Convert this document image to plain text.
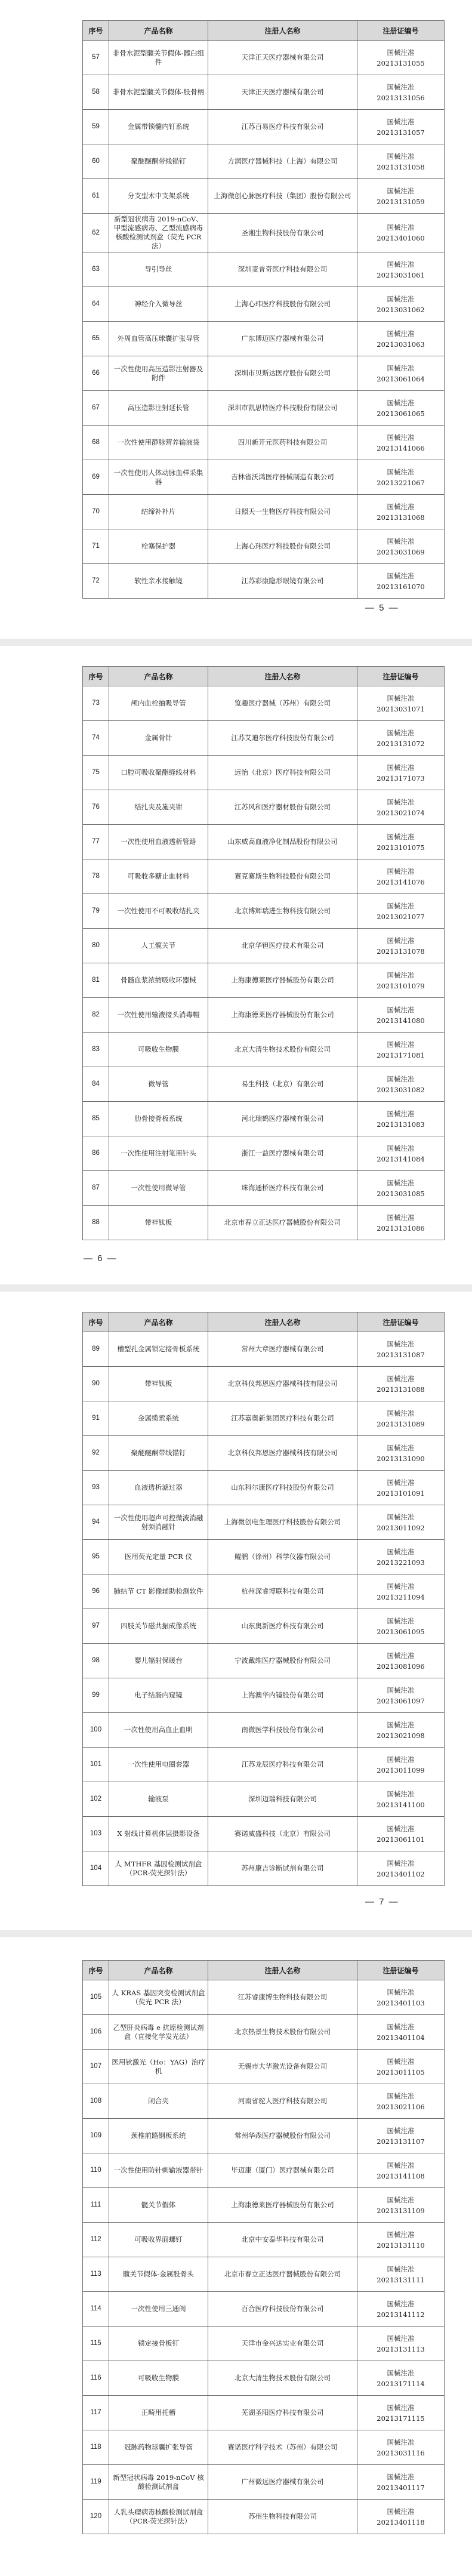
序号	产品名称	注册人名称	注册证编号
57	非骨水泥型髋关节假体-髋臼组件	天津正天医疗器械有限公司	国械注准
20213131055
58	非骨水泥型髋关节假体-股骨柄	天津正天医疗器械有限公司	国械注准
20213131056
59	金属带锁髓内钉系统	江苏百易医疗科技有限公司	国械注准
20213131057
60	聚醚醚酮带线锚钉	方润医疗器械科技（上海）有限公司	国械注准
20213131058
61	分支型术中支架系统	上海微创心脉医疗科技（集团）股份有限公司	国械注准
20213131059
62	新型冠状病毒 2019-nCoV、甲型流感病毒、乙型流感病毒核酸检测试剂盒（荧光 PCR 法）	圣湘生物科技股份有限公司	国械注准
20213401060
63	导引导丝	深圳麦普奇医疗科技有限公司	国械注准
20213031061
64	神经介入微导丝	上海心玮医疗科技股份有限公司	国械注准
20213031062
65	外周血管高压球囊扩张导管	广东博迈医疗器械有限公司	国械注准
20213031063
66	一次性使用高压造影注射器及附件	深圳市贝斯达医疗股份有限公司	国械注准
20213061064
67	高压造影注射延长管	深圳市凯思特医疗科技股份有限公司	国械注准
20213061065
68	一次性使用静脉营养输液袋	四川新开元医药科技有限公司	国械注准
20213141066
69	一次性使用人体动脉血样采集器	吉林省沃鸿医疗器械制造有限公司	国械注准
20213221067
70	结缔补补片	日照天一生物医疗科技有限公司	国械注准
20213131068
71	栓塞保护器	上海心玮医疗科技股份有限公司	国械注准
20213031069
72	软性亲水接触镜	江苏彩康隐形眼镜有限公司	国械注准
20213161070
— 5 —
序号	产品名称	注册人名称	注册证编号
73	颅内血栓抽吸导管	览趣医疗器械（苏州）有限公司	国械注准
20213031071
74	金属骨针	江苏艾迪尔医疗科技股份有限公司	国械注准
20213131072
75	口腔可吸收聚酯缝线材料	远怡（北京）医疗科技有限公司	国械注准
20213171073
76	结扎夹及施夹钳	江苏风和医疗器材股份有限公司	国械注准
20213021074
77	一次性使用血液透析管路	山东威高血液净化制品股份有限公司	国械注准
20213101075
78	可吸收多糖止血材料	赛克赛斯生物科技股份有限公司	国械注准
20213141076
79	一次性使用不可吸收结扎夹	北京博辉瑞进生物科技有限公司	国械注准
20213021077
80	人工髋关节	北京华钽医疗技术有限公司	国械注准
20213131078
81	骨髓血浆浓缩吸收环器械	上海康德莱医疗器械股份有限公司	国械注准
20213101079
82	一次性使用输液接头消毒帽	上海康德莱医疗器械股份有限公司	国械注准
20213141080
83	可吸收生物膜	北京大清生物技术股份有限公司	国械注准
20213171081
84	微导管	易生科技（北京）有限公司	国械注准
20213031082
85	肋骨接骨板系统	河北瑞鹤医疗器械有限公司	国械注准
20213131083
86	一次性使用注射笔用针头	浙江一益医疗器械有限公司	国械注准
20213141084
87	一次性使用微导管	珠海通桥医疗科技有限公司	国械注准
20213031085
88	带袢钛板	北京市春立正达医疗器械股份有限公司	国械注准
20213131086
— 6 —
序号	产品名称	注册人名称	注册证编号
89	槽型孔金属锁定接骨板系统	常州大章医疗器械有限公司	国械注准
20213131087
90	带袢钛板	北京科仪邦恩医疗器械科技有限公司	国械注准
20213131088
91	金属缆索系统	江苏嘉奥新集团医疗科技有限公司	国械注准
20213131089
92	聚醚醚酮带线锚钉	北京科仪邦恩医疗器械科技有限公司	国械注准
20213131090
93	血液透析滤过器	山东科尔康医疗科技股份有限公司	国械注准
20213101091
94	一次性使用超声可控微波消融射频消融针	上海微创电生理医疗科技股份有限公司	国械注准
20213011092
95	医用荧光定量 PCR 仪	鲲鹏（徐州）科学仪器有限公司	国械注准
20213221093
96	肺结节 CT 影像辅助检测软件	杭州深睿博联科技有限公司	国械注准
20213211094
97	四肢关节磁共振成像系统	山东奥新医疗科技有限公司	国械注准
20213061095
98	婴儿辐射保暖台	宁波戴维医疗器械股份有限公司	国械注准
20213081096
99	电子结肠内窥镜	上海澳华内镜股份有限公司	国械注准
20213061097
100	一次性使用高血止血明	南微医学科技股份有限公司	国械注准
20213021098
101	一次性使用电圈套器	江苏龙辰医疗科技有限公司	国械注准
20213011099
102	输液泵	深圳迈瑞科技有限公司	国械注准
20213141100
103	X 射线计算机体层摄影设备	赛诺威盛科技（北京）有限公司	国械注准
20213061101
104	人 MTHFR 基因检测试剂盒（PCR-荧光探针法）	苏州康吉诊断试剂有限公司	国械注准
20213401102
— 7 —
序号	产品名称	注册人名称	注册证编号
105	人 KRAS 基因突变检测试剂盒（荧光 PCR 法）	江苏睿康博生物科技有限公司	国械注准
20213401103
106	乙型肝炎病毒 e 抗原检测试剂盒（直接化学发光法）	北京热景生物技术股份有限公司	国械注准
20213401104
107	医用钬激光（Ho：YAG）治疗机	无锡市大华激光设备有限公司	国械注准
20213011105
108	闭合夹	河南省驼人医疗科技有限公司	国械注准
20213021106
109	颈椎前路钢板系统	常州华森医疗器械股份有限公司	国械注准
20213131107
110	一次性使用防针刺输液器带针	毕迈康（厦门）医疗器械有限公司	国械注准
20213141108
111	髋关节假体	上海康德莱医疗器械股份有限公司	国械注准
20213131109
112	可吸收界面螺钉	北京中安泰华科技有限公司	国械注准
20213131110
113	髋关节假体-金属股骨头	北京市春立正达医疗器械股份有限公司	国械注准
20213131111
114	一次性使用三通阀	百合医疗科技股份有限公司	国械注准
20213141112
115	锁定接骨板钉	天津市金兴达实业有限公司	国械注准
20213131113
116	可吸收生物膜	北京大清生物技术股份有限公司	国械注准
20213171114
117	正畸用托槽	芜湖圣阳医疗科技有限公司	国械注准
20213171115
118	冠脉药物球囊扩张导管	赛诺医疗科学技术（苏州）有限公司	国械注准
20213031116
119	新型冠状病毒 2019-nCoV 核酸检测试剂盒	广州微远医疗器械有限公司	国械注准
20213401117
120	人乳头瘤病毒核酸检测试剂盒（PCR-荧光探针法）	苏州生物科技有限公司	国械注准
20213401118
